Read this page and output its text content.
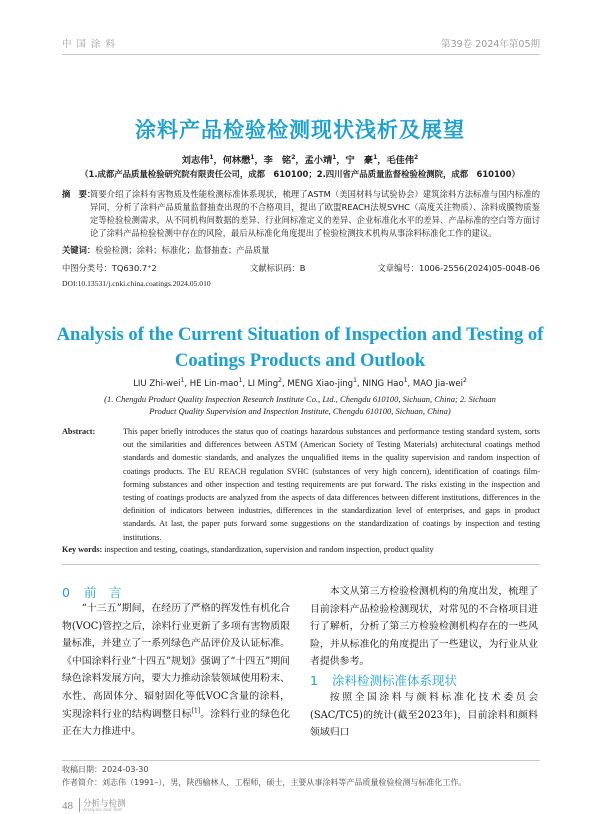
中 国 涂 料	第39卷 2024年第05期
涂料产品检验检测现状浅析及展望
刘志伟$^1$，何林懋$^1$，李　铭$^2$，孟小靖$^1$，宁　豪$^1$，毛佳伟$^2$
（1.成都产品质量检验研究院有限责任公司，成都　610100；2.四川省产品质量监督检验检测院，成都　610100）
摘　要：
简要介绍了涂料有害物质及性能检测标准体系现状，梳理了ASTM（美国材料与试验协会）建筑涂料方法标准与国内标准的异同，分析了涂料产品质量监督抽查出现的不合格项目，提出了欧盟REACH法规SVHC（高度关注物质）、涂料成膜物质鉴定等检验检测需求，从不同机构间数据的差异、行业间标准定义的差异、企业标准化水平的差异、产品标准的空白等方面讨论了涂料产品检验检测中存在的风险，最后从标准化角度提出了检验检测技术机构从事涂料标准化工作的建议。
关键词：检验检测；涂料；标准化；监督抽查；产品质量
中图分类号：TQ630.7⁺2	文献标识码：B	文章编号：1006-2556(2024)05-0048-06
DOI:10.13531/j.cnki.china.coatings.2024.05.010
Analysis of the Current Situation of Inspection and Testing of Coatings Products and Outlook
LIU Zhi-wei$^1$, HE Lin-mao$^1$, LI Ming$^2$, MENG Xiao-jing$^1$, NING Hao$^1$, MAO Jia-wei$^2$
(1. Chengdu Product Quality Inspection Research Institute Co., Ltd., Chengdu 610100, Sichuan, China; 2. Sichuan Product Quality Supervision and Inspection Institute, Chengdu 610100, Sichuan, China)
Abstract:	This paper briefly introduces the status quo of coatings hazardous substances and performance testing standard system, sorts out the similarities and differences between ASTM (American Society of Testing Materials) architectural coatings method standards and domestic standards, and analyzes the unqualified items in the quality supervision and random inspection of coatings products. The EU REACH regulation SVHC (substances of very high concern), identification of coatings film-forming substances and other inspection and testing requirements are put forward. The risks existing in the inspection and testing of coatings products are analyzed from the aspects of data differences between different institutions, differences in the definition of indicators between industries, differences in the standardization level of enterprises, and gaps in product standards. At last, the paper puts forward some suggestions on the standardization of coatings by inspection and testing institutions.
Key words: inspection and testing, coatings, standardization, supervision and random inspection, product quality
0 前　言

“十三五”期间，在经历了严格的挥发性有机化合物(VOC)管控之后，涂料行业更新了多项有害物质限量标准，并建立了一系列绿色产品评价及认证标准。《中国涂料行业“十四五”规划》强调了“十四五”期间绿色涂料发展方向，要大力推动涂装领域使用粉末、水性、高固体分、辐射固化等低VOC含量的涂料，实现涂料行业的结构调整目标[1]。涂料行业的绿色化正在大力推进中。

本文从第三方检验检测机构的角度出发，梳理了目前涂料产品检验检测现状，对常见的不合格项目进行了解析，分析了第三方检验检测机构存在的一些风险，并从标准化的角度提出了一些建议，为行业从业者提供参考。

1 涂料检测标准体系现状

按照全国涂料与颜料标准化技术委员会(SAC/TC5)的统计(截至2023年)，目前涂料和颜料领域归口

收稿日期：2024-03-30
作者简介：刘志伟（1991–），男，陕西榆林人，工程师，硕士，主要从事涂料等产品质量检验检测与标准化工作。
48 分析与检测
Analysis and Test
